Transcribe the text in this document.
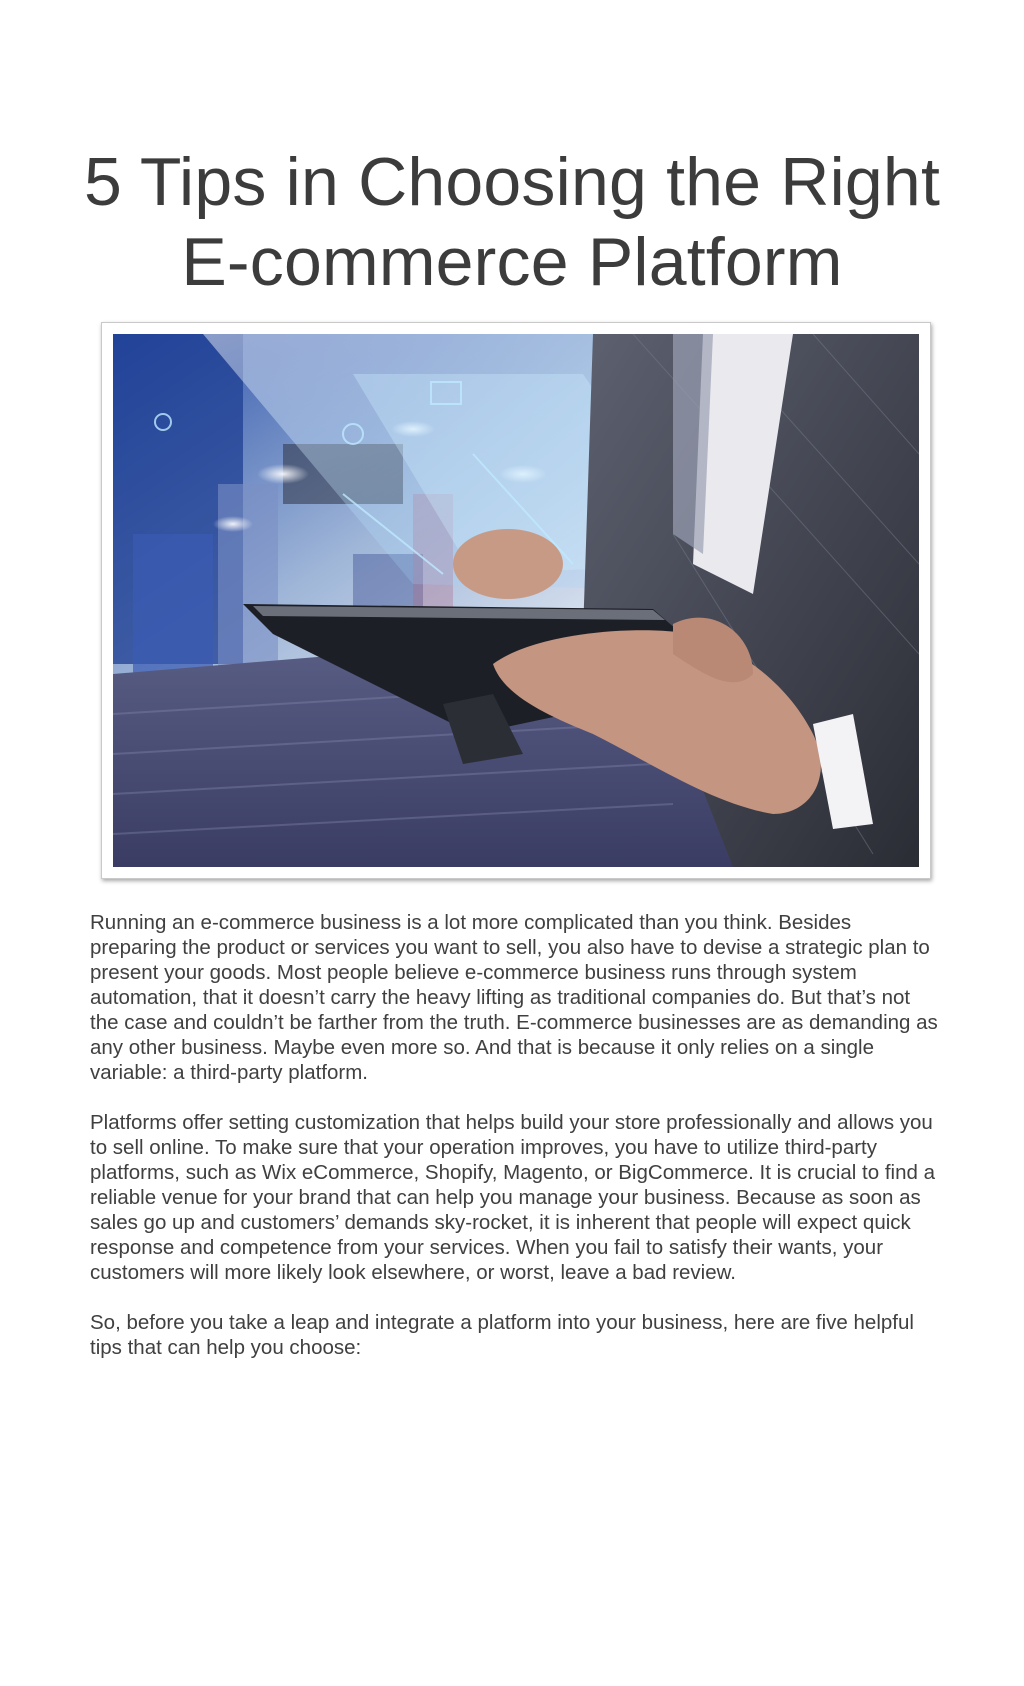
5 Tips in Choosing the Right
E-commerce Platform

Running an e-commerce business is a lot more complicated than you think. Besides preparing the product or services you want to sell, you also have to devise a strategic plan to present your goods. Most people believe e-commerce business runs through system automation, that it doesn’t carry the heavy lifting as traditional companies do. But that’s not the case and couldn’t be farther from the truth. E-commerce businesses are as demanding as any other business. Maybe even more so. And that is because it only relies on a single variable: a third-party platform.

Platforms offer setting customization that helps build your store professionally and allows you to sell online. To make sure that your operation improves, you have to utilize third-party platforms, such as Wix eCommerce, Shopify, Magento, or BigCommerce. It is crucial to find a reliable venue for your brand that can help you manage your business. Because as soon as sales go up and customers’ demands sky-rocket, it is inherent that people will expect quick response and competence from your services. When you fail to satisfy their wants, your customers will more likely look elsewhere, or worst, leave a bad review.

So, before you take a leap and integrate a platform into your business, here are five helpful tips that can help you choose:
